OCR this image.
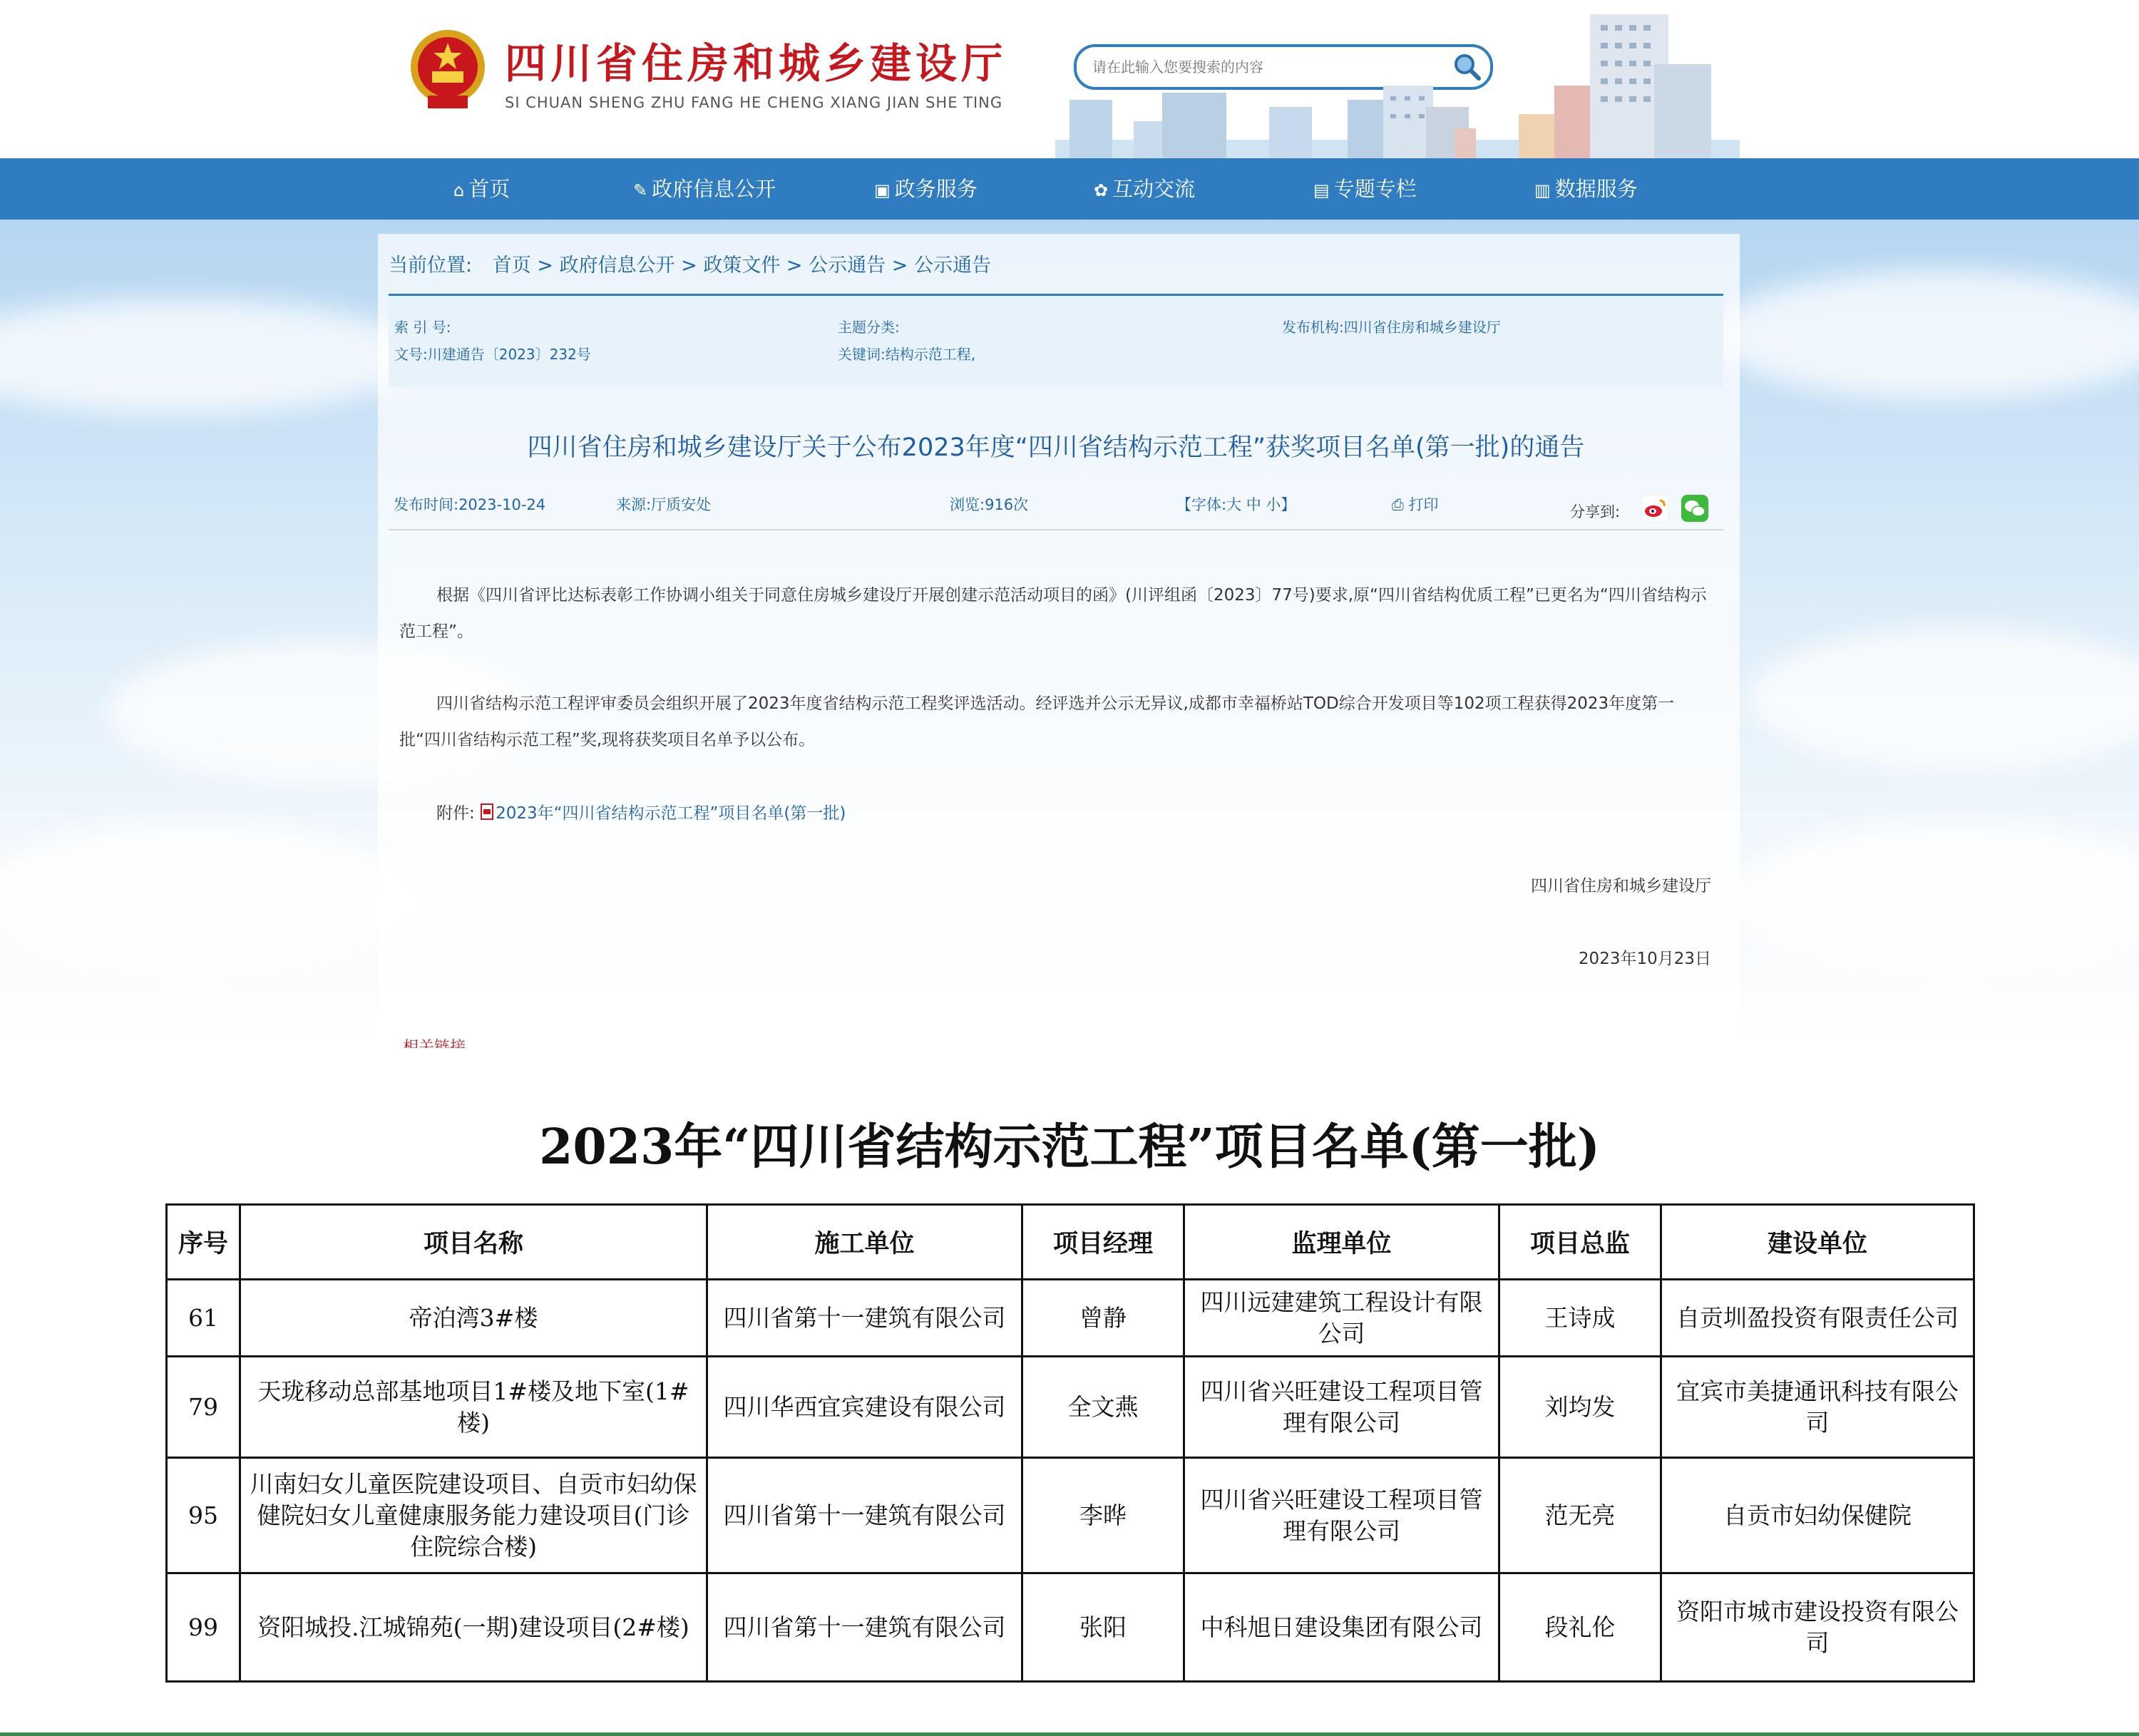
四川省住房和城乡建设厅
SI CHUAN SHENG ZHU FANG HE CHENG XIANG JIAN SHE TING
请在此输入您要搜索的内容
⌂ 首页	✎ 政府信息公开	▣ 政务服务	✿ 互动交流	▤ 专题专栏	▥ 数据服务
当前位置: 首页 > 政府信息公开 > 政策文件 > 公示通告 > 公示通告
索 引 号:
文号:川建通告〔2023〕232号
主题分类:
关键词:结构示范工程,
发布机构:四川省住房和城乡建设厅
四川省住房和城乡建设厅关于公布2023年度“四川省结构示范工程”获奖项目名单(第一批)的通告
发布时间:2023-10-24	来源:厅质安处	浏览:916次	【字体:大 中 小】	⎙ 打印	分享到:
根据《四川省评比达标表彰工作协调小组关于同意住房城乡建设厅开展创建示范活动项目的函》(川评组函〔2023〕77号)要求,原“四川省结构优质工程”已更名为“四川省结构示范工程”。
四川省结构示范工程评审委员会组织开展了2023年度省结构示范工程奖评选活动。经评选并公示无异议,成都市幸福桥站TOD综合开发项目等102项工程获得2023年度第一批“四川省结构示范工程”奖,现将获奖项目名单予以公布。
附件: 2023年“四川省结构示范工程”项目名单(第一批)
四川省住房和城乡建设厅
2023年10月23日
2023年“四川省结构示范工程”项目名单(第一批)
序号	项目名称	施工单位	项目经理	监理单位	项目总监	建设单位
61	帝泊湾3#楼	四川省第十一建筑有限公司	曾静	四川远建建筑工程设计有限公司	王诗成	自贡圳盈投资有限责任公司
79	天珑移动总部基地项目1#楼及地下室(1#楼)	四川华西宜宾建设有限公司	全文燕	四川省兴旺建设工程项目管理有限公司	刘均发	宜宾市美捷通讯科技有限公司
95	川南妇女儿童医院建设项目、自贡市妇幼保健院妇女儿童健康服务能力建设项目(门诊住院综合楼)	四川省第十一建筑有限公司	李晔	四川省兴旺建设工程项目管理有限公司	范无亮	自贡市妇幼保健院
99	资阳城投.江城锦苑(一期)建设项目(2#楼)	四川省第十一建筑有限公司	张阳	中科旭日建设集团有限公司	段礼伦	资阳市城市建设投资有限公司
